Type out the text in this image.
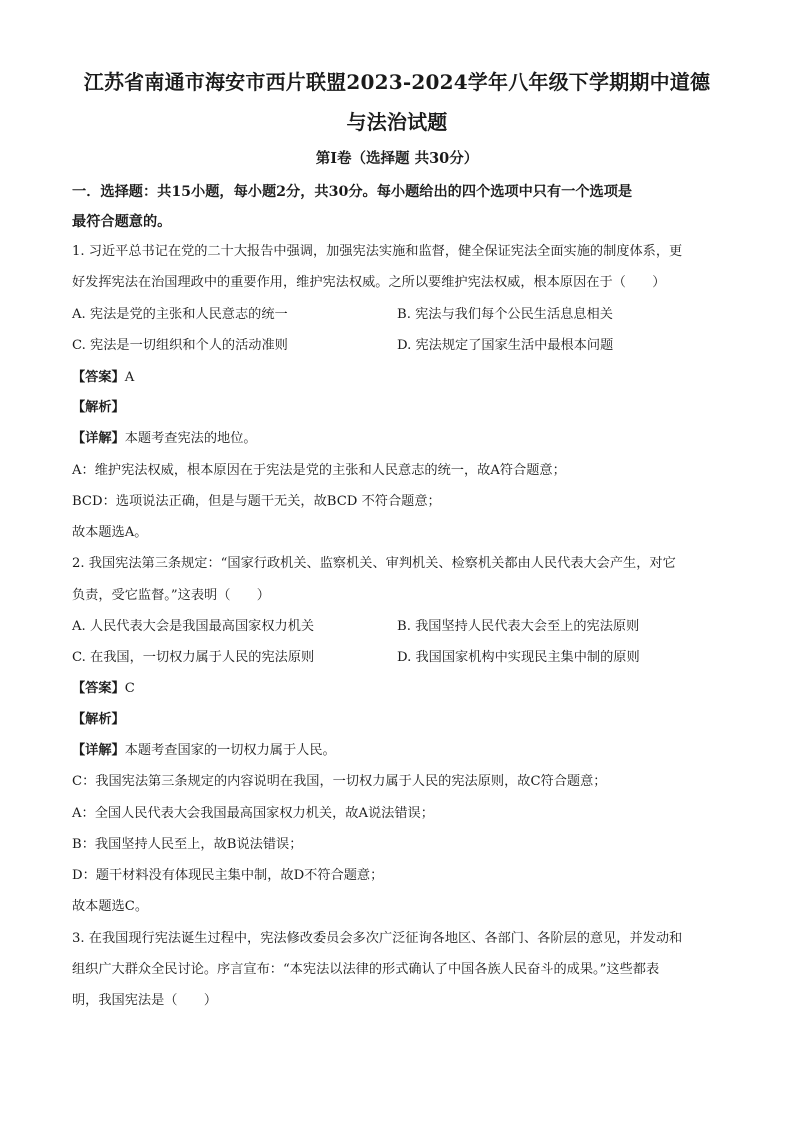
江苏省南通市海安市西片联盟2023-2024学年八年级下学期期中道德
与法治试题
第Ⅰ卷（选择题 共30分）
一．选择题：共15小题，每小题2分，共30分。每小题给出的四个选项中只有一个选项是
最符合题意的。
1. 习近平总书记在党的二十大报告中强调，加强宪法实施和监督，健全保证宪法全面实施的制度体系，更
好发挥宪法在治国理政中的重要作用，维护宪法权威。之所以要维护宪法权威，根本原因在于（　　）
A. 宪法是党的主张和人民意志的统一	B. 宪法与我们每个公民生活息息相关
C. 宪法是一切组织和个人的活动准则	D. 宪法规定了国家生活中最根本问题
【答案】A
【解析】
【详解】本题考查宪法的地位。
A：维护宪法权威，根本原因在于宪法是党的主张和人民意志的统一，故A符合题意；
BCD：选项说法正确，但是与题干无关，故BCD 不符合题意；
故本题选A。
2. 我国宪法第三条规定：“国家行政机关、监察机关、审判机关、检察机关都由人民代表大会产生，对它
负责，受它监督。”这表明（　　）
A. 人民代表大会是我国最高国家权力机关	B. 我国坚持人民代表大会至上的宪法原则
C. 在我国，一切权力属于人民的宪法原则	D. 我国国家机构中实现民主集中制的原则
【答案】C
【解析】
【详解】本题考查国家的一切权力属于人民。
C：我国宪法第三条规定的内容说明在我国，一切权力属于人民的宪法原则，故C符合题意；
A：全国人民代表大会我国最高国家权力机关，故A说法错误；
B：我国坚持人民至上，故B说法错误；
D：题干材料没有体现民主集中制，故D不符合题意；
故本题选C。
3. 在我国现行宪法诞生过程中，宪法修改委员会多次广泛征询各地区、各部门、各阶层的意见，并发动和
组织广大群众全民讨论。序言宣布：“本宪法以法律的形式确认了中国各族人民奋斗的成果。”这些都表
明，我国宪法是（　　）
